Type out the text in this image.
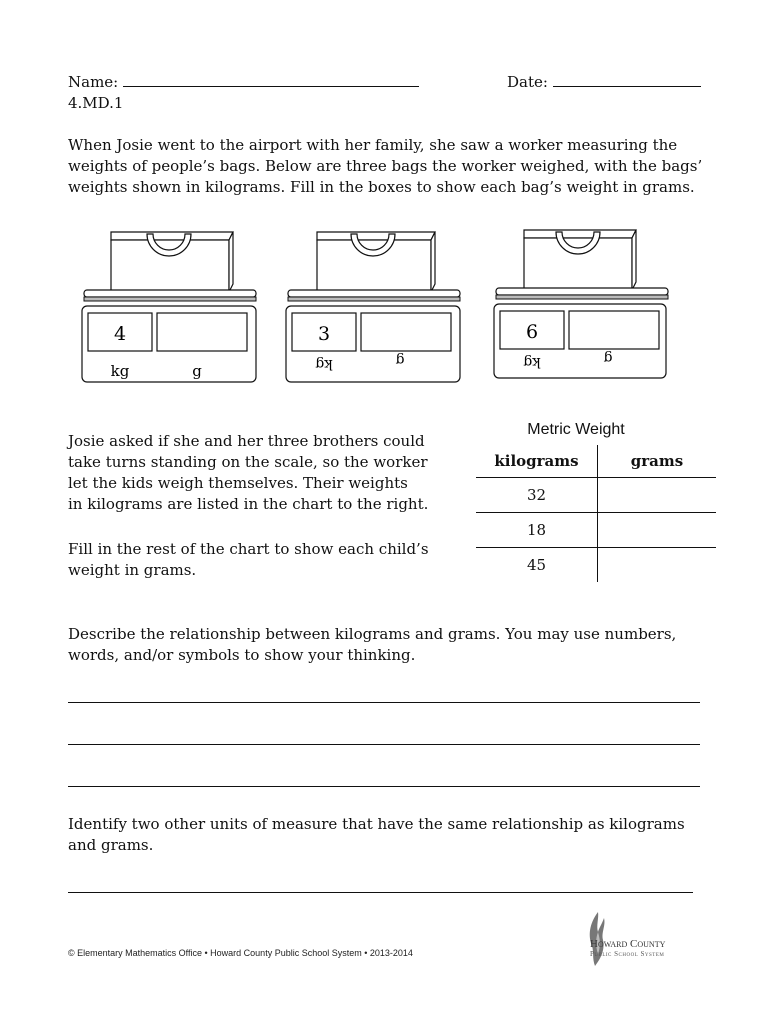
Name:	Date:
4.MD.1
When Josie went to the airport with her family, she saw a worker measuring the
weights of people’s bags. Below are three bags the worker weighed, with the bags’
weights shown in kilograms. Fill in the boxes to show each bag’s weight in grams.
4
kg	g
3
kg	g
6
kg	g
Josie asked if she and her three brothers could
take turns standing on the scale, so the worker
let the kids weigh themselves. Their weights
in kilograms are listed in the chart to the right.
Fill in the rest of the chart to show each child’s
weight in grams.
Metric Weight
kilograms	grams
32	
18	
45	
Describe the relationship between kilograms and grams. You may use numbers,
words, and/or symbols to show your thinking.
Identify two other units of measure that have the same relationship as kilograms
and grams.
© Elementary Mathematics Office • Howard County Public School System • 2013-2014
Howard County
Public School System
